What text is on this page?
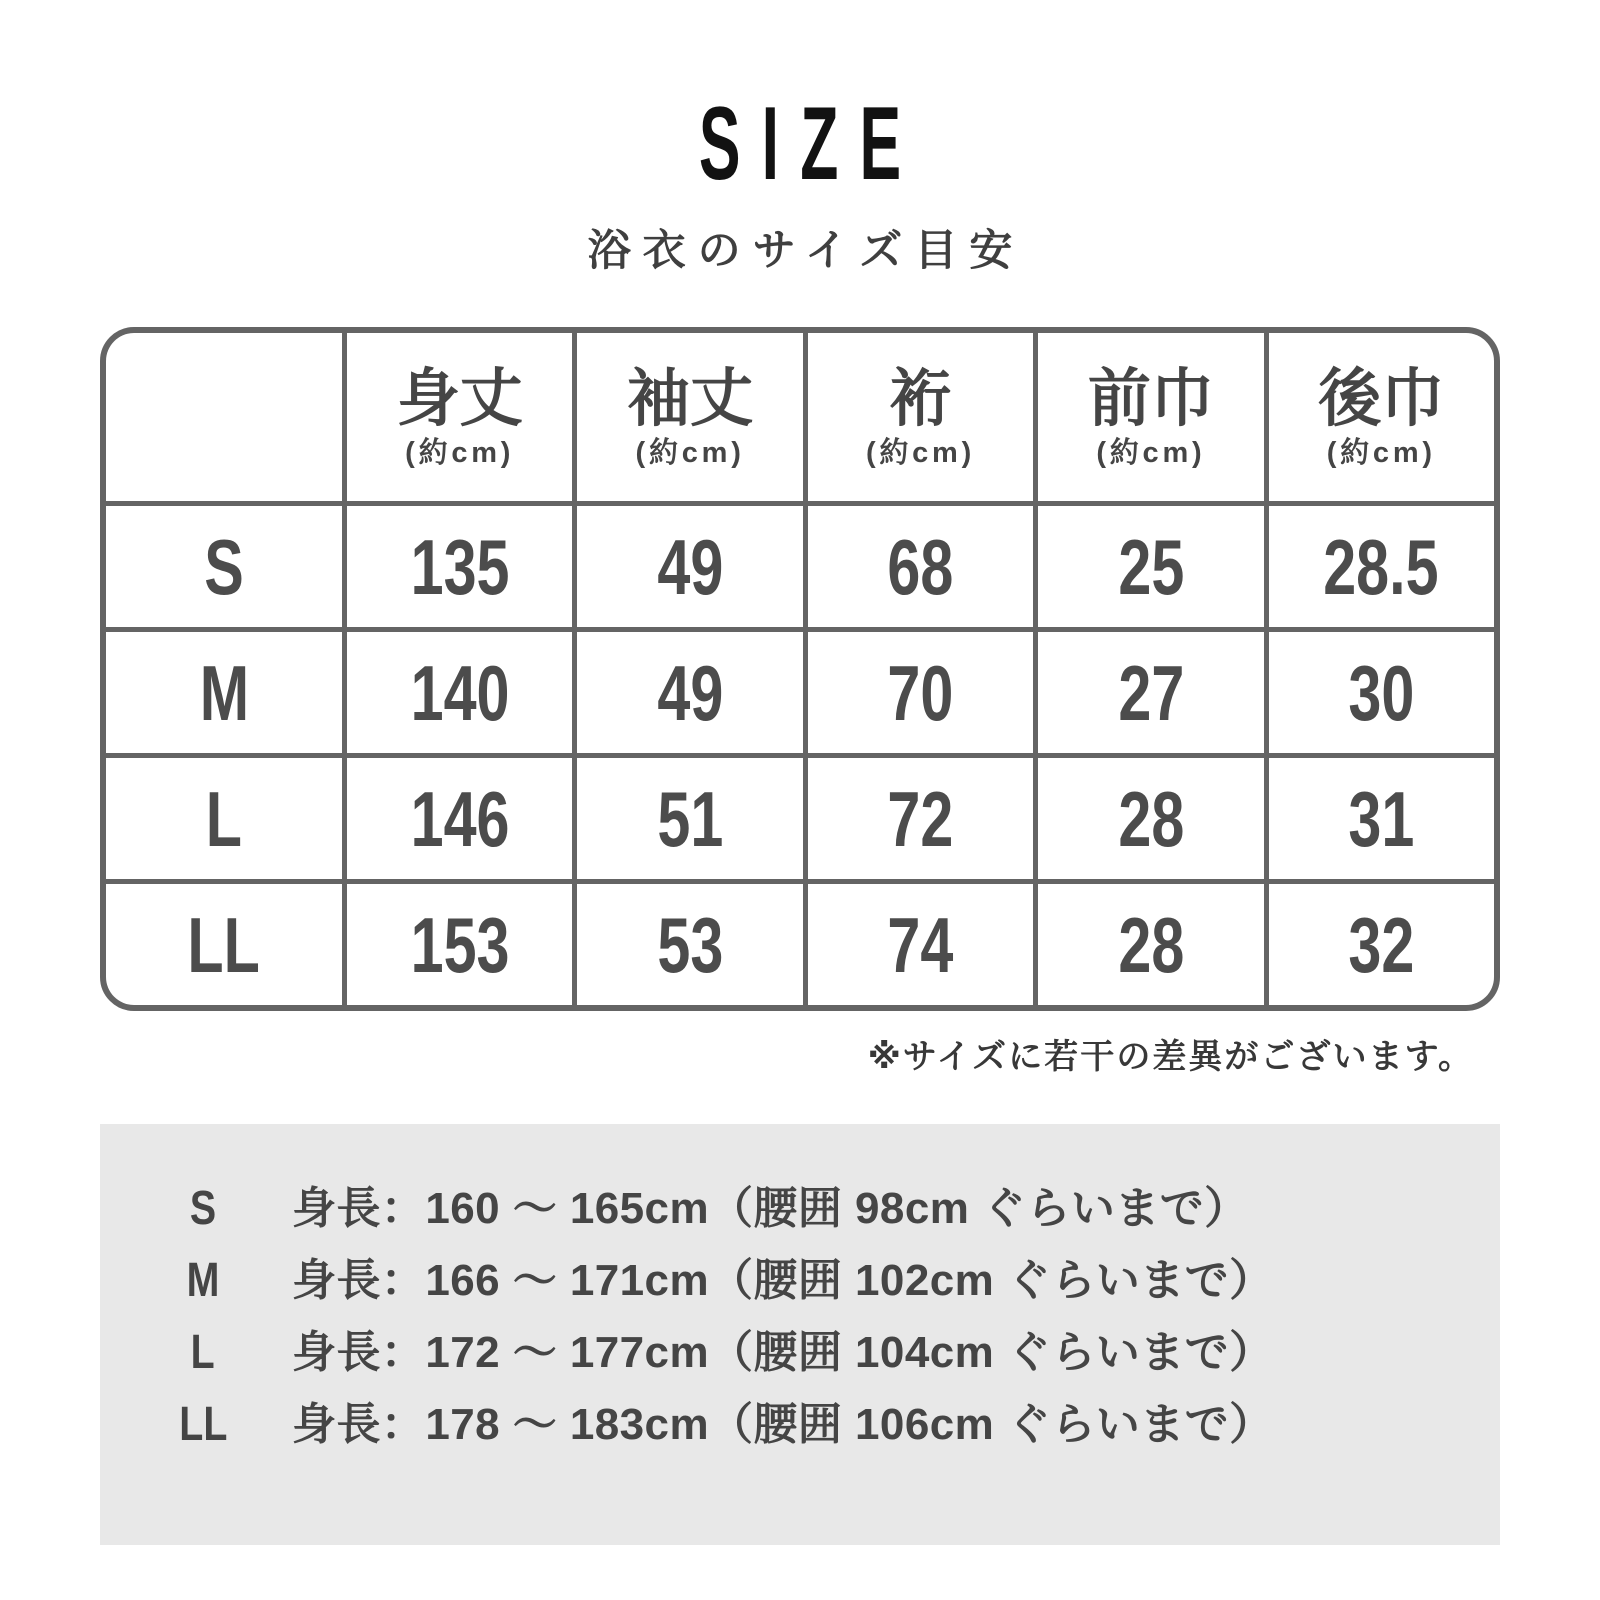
SIZE
浴衣のサイズ目安
身丈
(約cm)
袖丈
(約cm)
裄
(約cm)
前巾
(約cm)
後巾
(約cm)
S 135 49 68 25 28.5
M 140 49 70 27 30
L 146 51 72 28 31
LL 153 53 74 28 32
※サイズに若干の差異がございます。
S 身長：160 ～ 165cm（腰囲 98cm ぐらいまで）
M 身長：166 ～ 171cm（腰囲 102cm ぐらいまで）
L 身長：172 ～ 177cm（腰囲 104cm ぐらいまで）
LL 身長：178 ～ 183cm（腰囲 106cm ぐらいまで）
